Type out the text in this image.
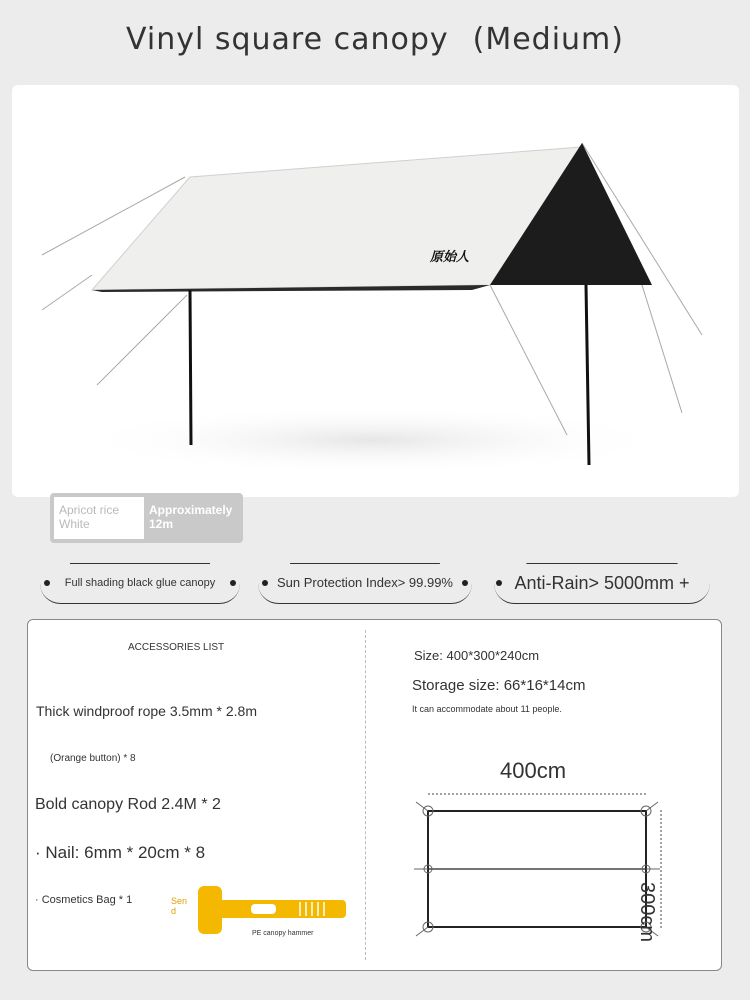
Vinyl square canopy (Medium)
原始人
Apricot rice
White
Approximately
12m
Full shading black glue canopy	Sun Protection Index> 99.99%	Anti-Rain> 5000mm +
ACCESSORIES LIST
Thick windproof rope 3.5mm * 2.8m
(Orange button) * 8
Bold canopy Rod 2.4M * 2
· Nail: 6mm * 20cm * 8
· Cosmetics Bag * 1	Send
PE canopy hammer
Size: 400*300*240cm
Storage size: 66*16*14cm
It can accommodate about 11 people.
400cm
300cm
